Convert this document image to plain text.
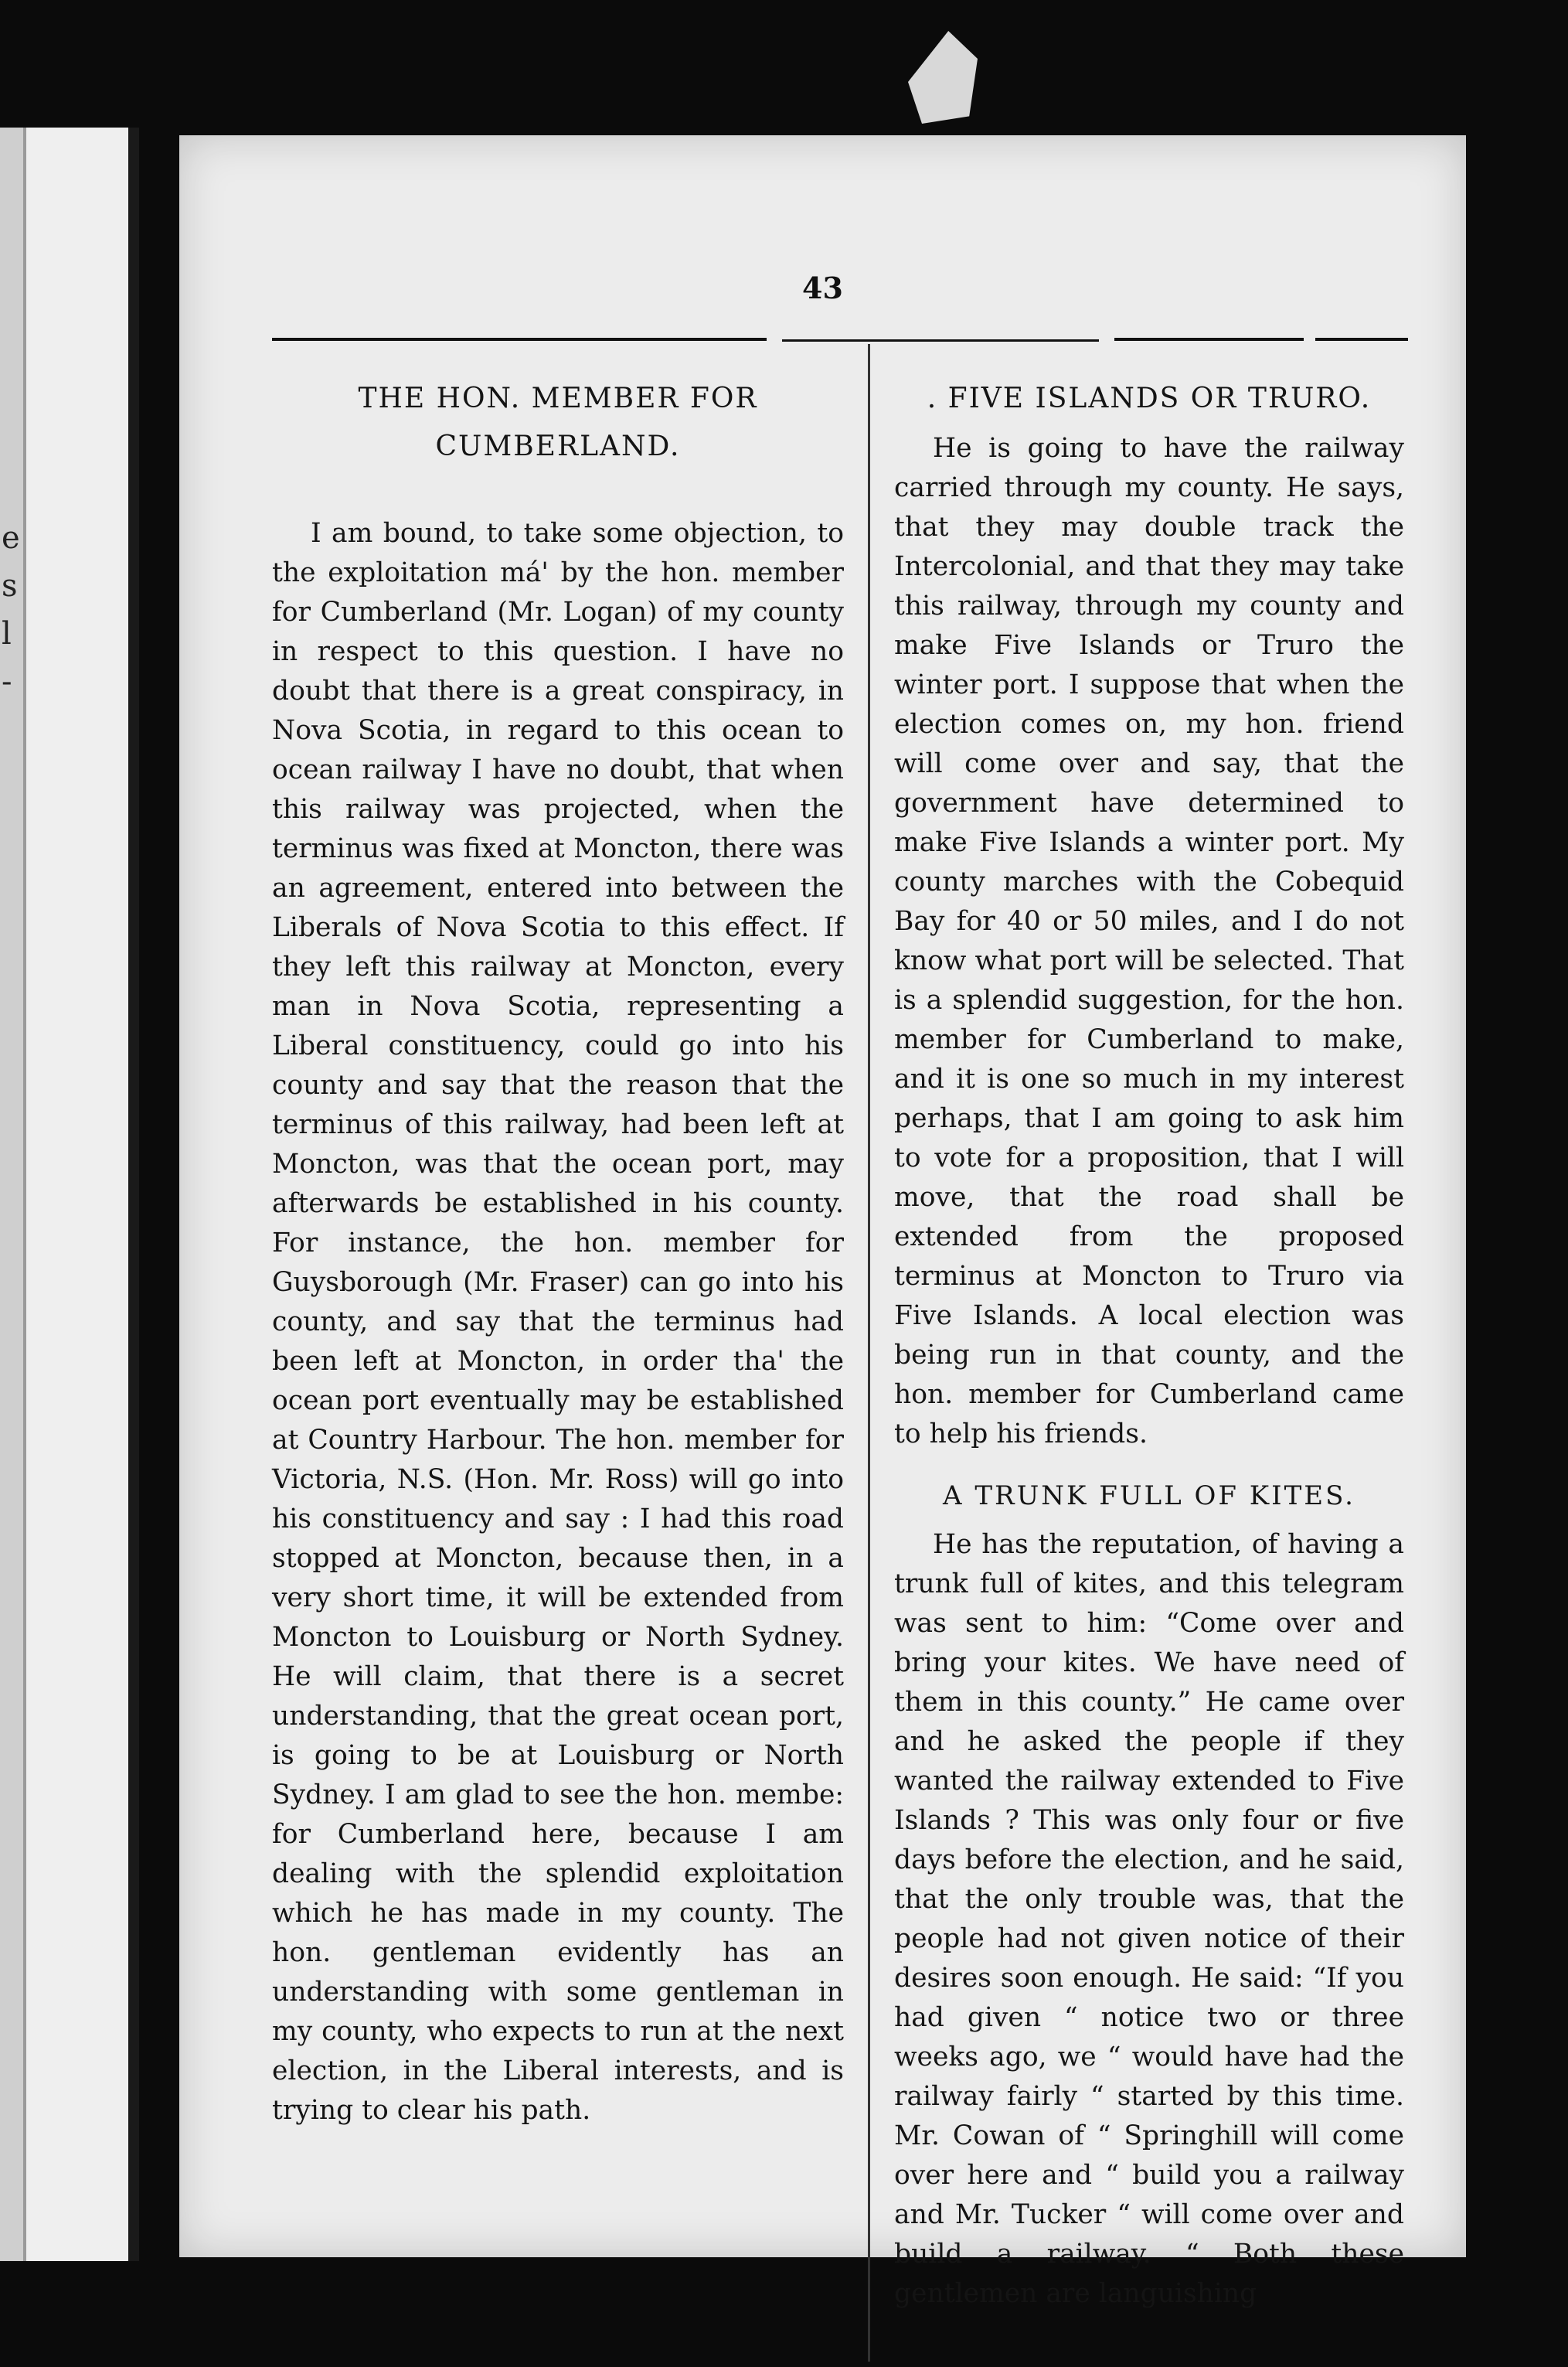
e s l -
43
THE HON. MEMBER FOR CUMBERLAND.

I am bound, to take some objection, to the exploitation má' by the hon. member for Cumberland (Mr. Logan) of my county in respect to this question. I have no doubt that there is a great conspiracy, in Nova Scotia, in regard to this ocean to ocean railway I have no doubt, that when this railway was projected, when the terminus was fixed at Moncton, there was an agreement, entered into between the Liberals of Nova Scotia to this effect. If they left this railway at Moncton, every man in Nova Scotia, representing a Liberal constituency, could go into his county and say that the reason that the terminus of this railway, had been left at Moncton, was that the ocean port, may afterwards be established in his county. For instance, the hon. member for Guysborough (Mr. Fraser) can go into his county, and say that the terminus had been left at Moncton, in order tha' the ocean port eventually may be established at Country Harbour. The hon. member for Victoria, N.S. (Hon. Mr. Ross) will go into his constituency and say : I had this road stopped at Moncton, because then, in a very short time, it will be extended from Moncton to Louisburg or North Sydney. He will claim, that there is a secret understanding, that the great ocean port, is going to be at Louisburg or North Sydney. I am glad to see the hon. membe: for Cumberland here, because I am dealing with the splendid exploitation which he has made in my county. The hon. gentleman evidently has an understanding with some gentleman in my county, who expects to run at the next election, in the Liberal interests, and is trying to clear his path.

. FIVE ISLANDS OR TRURO.

He is going to have the railway carried through my county. He says, that they may double track the Intercolonial, and that they may take this railway, through my county and make Five Islands or Truro the winter port. I suppose that when the election comes on, my hon. friend will come over and say, that the government have determined to make Five Islands a winter port. My county marches with the Cobequid Bay for 40 or 50 miles, and I do not know what port will be selected. That is a splendid suggestion, for the hon. member for Cumberland to make, and it is one so much in my interest perhaps, that I am going to ask him to vote for a proposition, that I will move, that the road shall be extended from the proposed terminus at Moncton to Truro via Five Islands. A local election was being run in that county, and the hon. member for Cumberland came to help his friends.

A TRUNK FULL OF KITES.

He has the reputation, of having a trunk full of kites, and this telegram was sent to him: “Come over and bring your kites. We have need of them in this county.” He came over and he asked the people if they wanted the railway extended to Five Islands ? This was only four or five days before the election, and he said, that the only trouble was, that the people had not given notice of their desires soon enough. He said: “If you had given “ notice two or three weeks ago, we “ would have had the railway fairly “ started by this time. Mr. Cowan of “ Springhill will come over here and “ build you a railway and Mr. Tucker “ will come over and build a railway. “ Both these gentlemen are languishing
